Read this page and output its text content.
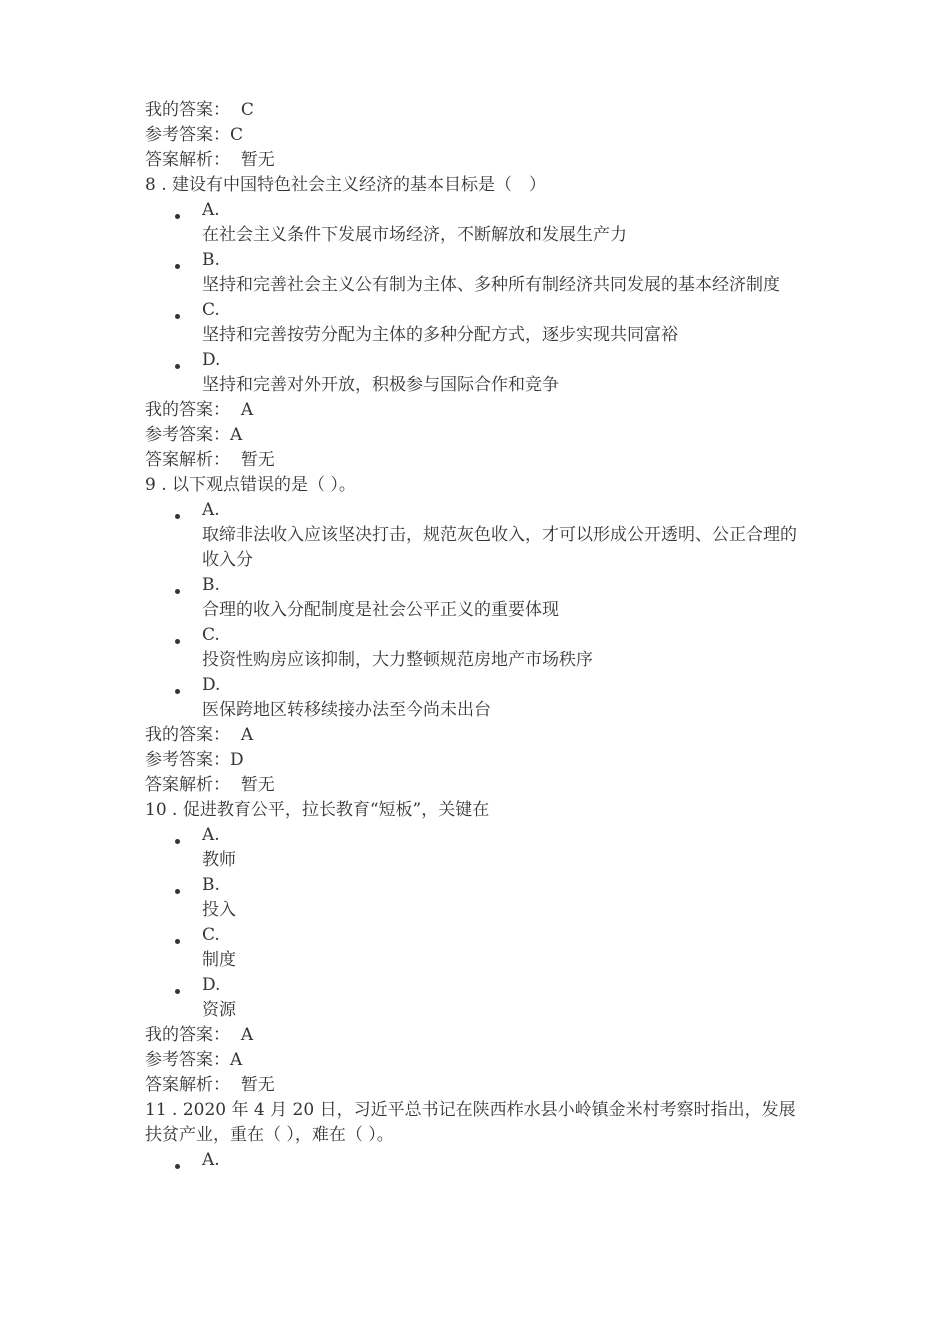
我的答案： C
参考答案：C
答案解析： 暂无
8 . 建设有中国特色社会主义经济的基本目标是（　）
A.
在社会主义条件下发展市场经济，不断解放和发展生产力
B.
坚持和完善社会主义公有制为主体、多种所有制经济共同发展的基本经济制度
C.
坚持和完善按劳分配为主体的多种分配方式，逐步实现共同富裕
D.
坚持和完善对外开放，积极参与国际合作和竞争
我的答案： A
参考答案：A
答案解析： 暂无
9 . 以下观点错误的是（ ）。
A.
取缔非法收入应该坚决打击，规范灰色收入，才可以形成公开透明、公正合理的收入分
B.
合理的收入分配制度是社会公平正义的重要体现
C.
投资性购房应该抑制，大力整顿规范房地产市场秩序
D.
医保跨地区转移续接办法至今尚未出台
我的答案： A
参考答案：D
答案解析： 暂无
10 . 促进教育公平，拉长教育“短板”，关键在
A.
教师
B.
投入
C.
制度
D.
资源
我的答案： A
参考答案：A
答案解析： 暂无
11 . 2020 年 4 月 20 日，习近平总书记在陕西柞水县小岭镇金米村考察时指出，发展扶贫产业，重在（ ），难在（ ）。
A.
